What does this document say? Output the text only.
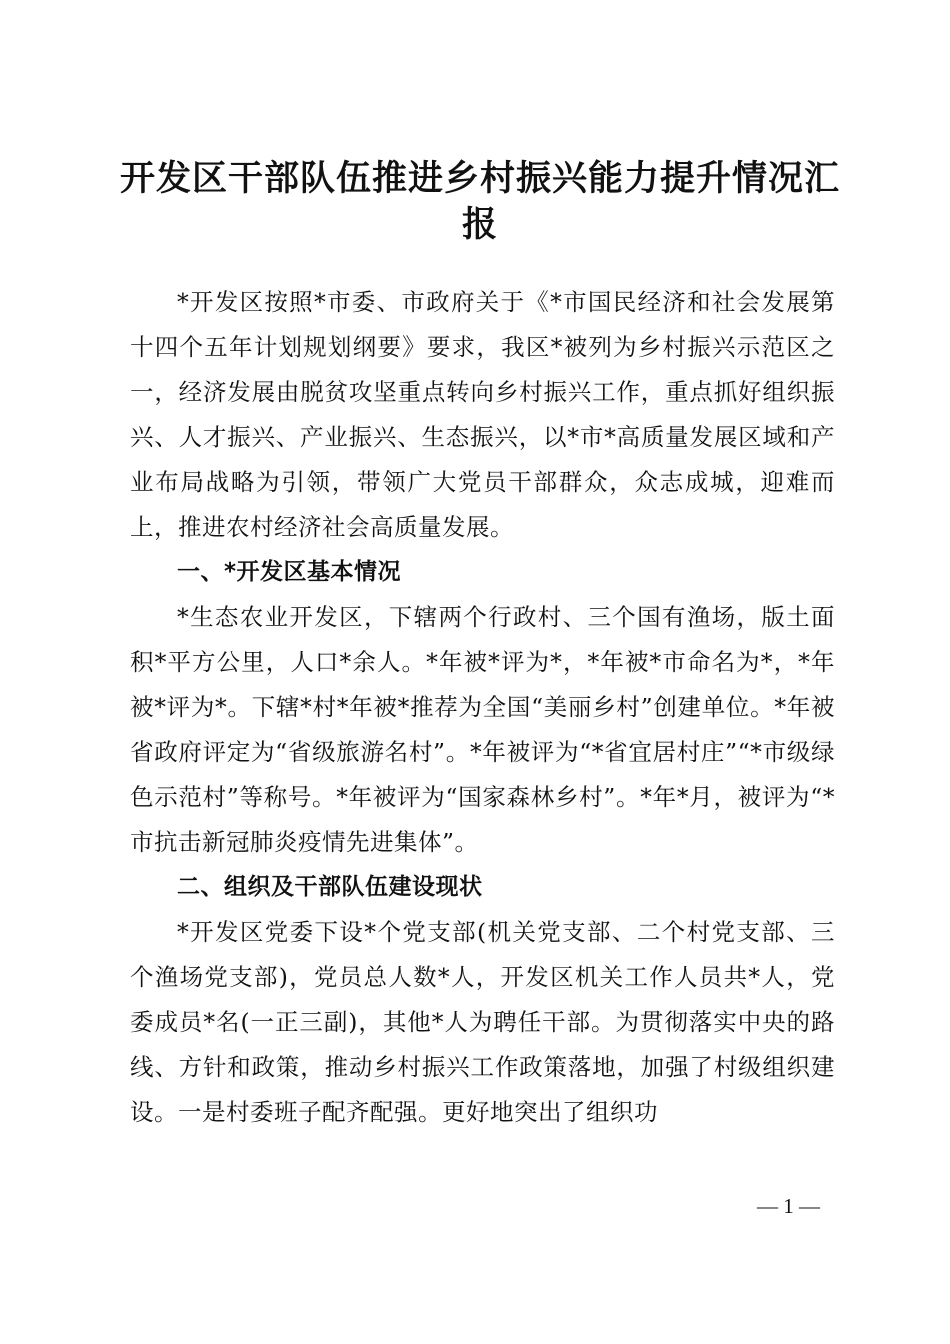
开发区干部队伍推进乡村振兴能力提升情况汇报

*开发区按照*市委、市政府关于《*市国民经济和社会发展第十四个五年计划规划纲要》要求，我区*被列为乡村振兴示范区之一，经济发展由脱贫攻坚重点转向乡村振兴工作，重点抓好组织振兴、人才振兴、产业振兴、生态振兴，以*市*高质量发展区域和产业布局战略为引领，带领广大党员干部群众，众志成城，迎难而上，推进农村经济社会高质量发展。

一、*开发区基本情况

*生态农业开发区，下辖两个行政村、三个国有渔场，版土面积*平方公里，人口*余人。*年被*评为*，*年被*市命名为*，*年被*评为*。下辖*村*年被*推荐为全国“美丽乡村”创建单位。*年被省政府评定为“省级旅游名村”。*年被评为“*省宜居村庄”“*市级绿色示范村”等称号。*年被评为“国家森林乡村”。*年*月，被评为“*市抗击新冠肺炎疫情先进集体”。

二、组织及干部队伍建设现状

*开发区党委下设*个党支部(机关党支部、二个村党支部、三个渔场党支部)，党员总人数*人，开发区机关工作人员共*人，党委成员*名(一正三副)，其他*人为聘任干部。为贯彻落实中央的路线、方针和政策，推动乡村振兴工作政策落地，加强了村级组织建设。一是村委班子配齐配强。更好地突出了组织功

— 1 —
